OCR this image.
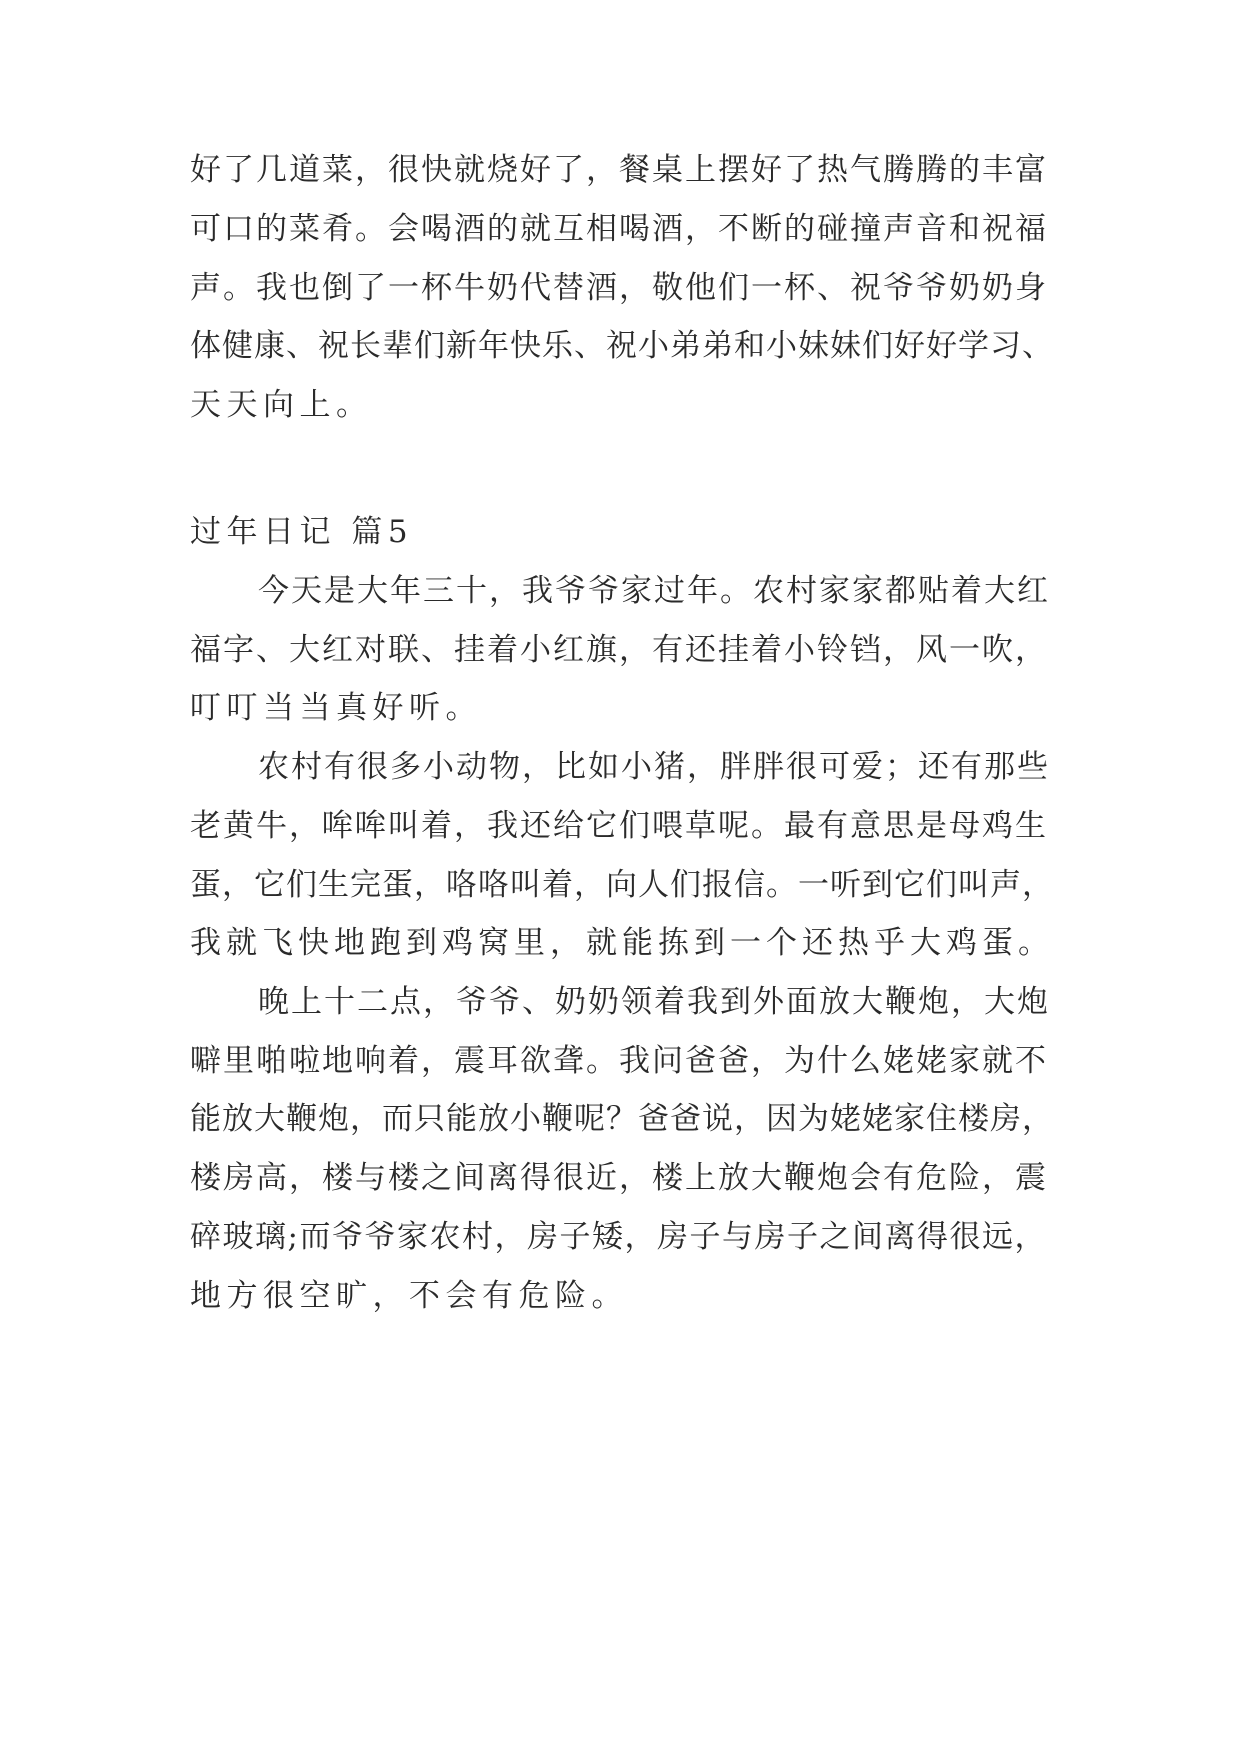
好了几道菜，很快就烧好了，餐桌上摆好了热气腾腾的丰富
可口的菜肴。会喝酒的就互相喝酒，不断的碰撞声音和祝福
声。我也倒了一杯牛奶代替酒，敬他们一杯、祝爷爷奶奶身
体健康、祝长辈们新年快乐、祝小弟弟和小妹妹们好好学习、
天天向上。
过年日记 篇5
今天是大年三十，我爷爷家过年。农村家家都贴着大红
福字、大红对联、挂着小红旗，有还挂着小铃铛，风一吹，
叮叮当当真好听。
农村有很多小动物，比如小猪，胖胖很可爱；还有那些
老黄牛，哞哞叫着，我还给它们喂草呢。最有意思是母鸡生
蛋，它们生完蛋，咯咯叫着，向人们报信。一听到它们叫声，
我就飞快地跑到鸡窝里，就能拣到一个还热乎大鸡蛋。
晚上十二点，爷爷、奶奶领着我到外面放大鞭炮，大炮
噼里啪啦地响着，震耳欲聋。我问爸爸，为什么姥姥家就不
能放大鞭炮，而只能放小鞭呢？爸爸说，因为姥姥家住楼房，
楼房高，楼与楼之间离得很近，楼上放大鞭炮会有危险，震
碎玻璃;而爷爷家农村，房子矮，房子与房子之间离得很远，
地方很空旷，不会有危险。
